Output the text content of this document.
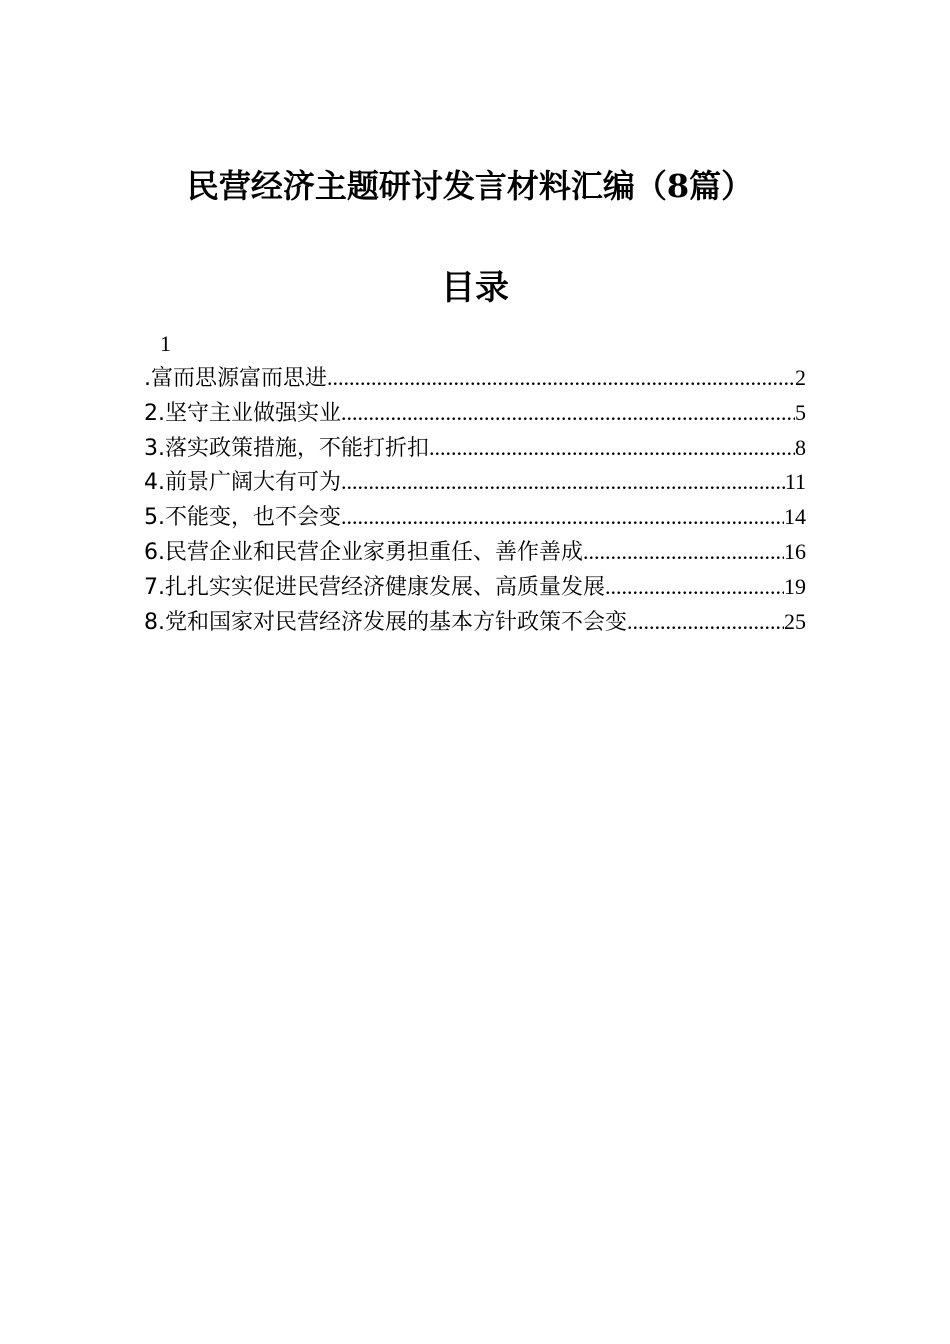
民营经济主题研讨发言材料汇编（8篇）
目录
1
.富而思源富而思进 .....	2
2.坚守主业做强实业 .....	5
3.落实政策措施，不能打折扣 .....	8
4.前景广阔大有可为 .....	11
5.不能变，也不会变 .....	14
6.民营企业和民营企业家勇担重任、善作善成 .....	16
7.扎扎实实促进民营经济健康发展、高质量发展 .....	19
8.党和国家对民营经济发展的基本方针政策不会变 .....	25
